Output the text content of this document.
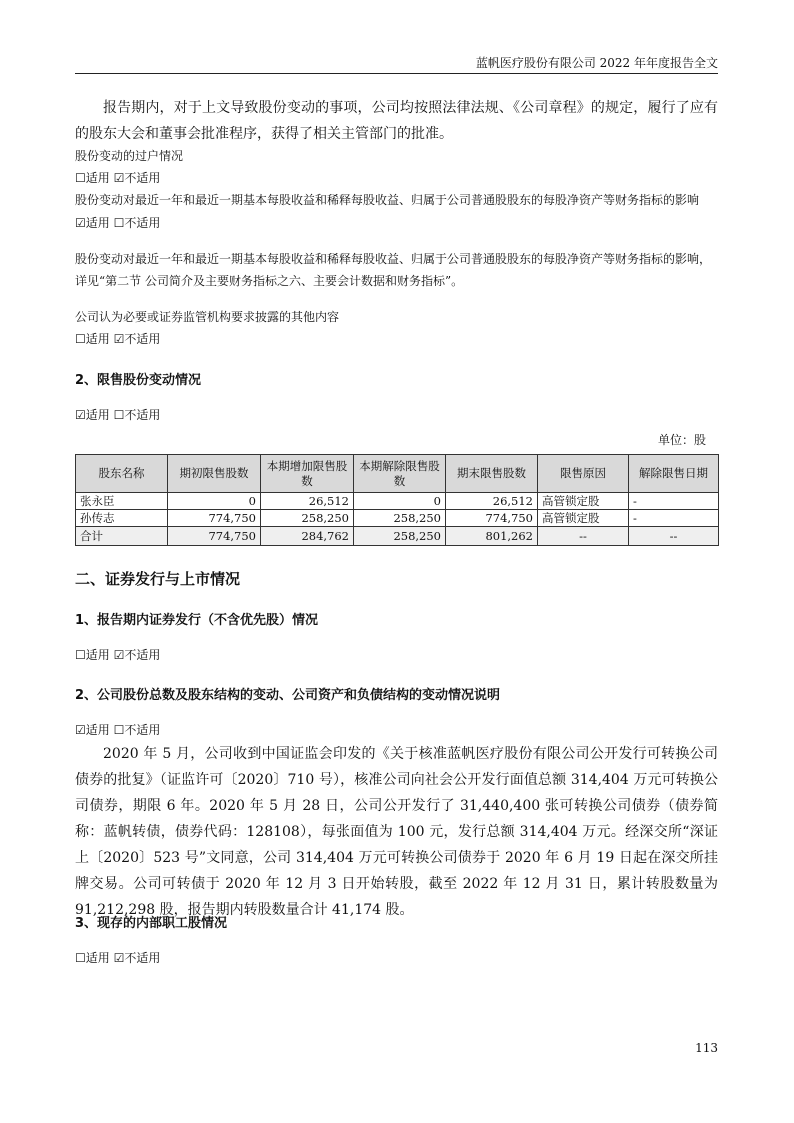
蓝帆医疗股份有限公司 2022 年年度报告全文
报告期内，对于上文导致股份变动的事项，公司均按照法律法规、《公司章程》的规定，履行了应有的股东大会和董事会批准程序，获得了相关主管部门的批准。
股份变动的过户情况
☐适用 ☑不适用
股份变动对最近一年和最近一期基本每股收益和稀释每股收益、归属于公司普通股股东的每股净资产等财务指标的影响
☑适用 ☐不适用
股份变动对最近一年和最近一期基本每股收益和稀释每股收益、归属于公司普通股股东的每股净资产等财务指标的影响，详见“第二节 公司简介及主要财务指标之六、主要会计数据和财务指标”。
公司认为必要或证券监管机构要求披露的其他内容
☐适用 ☑不适用
2、限售股份变动情况
☑适用 ☐不适用
单位：股
股东名称	期初限售股数	本期增加限售股数	本期解除限售股数	期末限售股数	限售原因	解除限售日期
张永臣	0	26,512	0	26,512	高管锁定股	-
孙传志	774,750	258,250	258,250	774,750	高管锁定股	-
合计	774,750	284,762	258,250	801,262	--	--
二、证券发行与上市情况
1、报告期内证券发行（不含优先股）情况
☐适用 ☑不适用
2、公司股份总数及股东结构的变动、公司资产和负债结构的变动情况说明
☑适用 ☐不适用
2020 年 5 月，公司收到中国证监会印发的《关于核准蓝帆医疗股份有限公司公开发行可转换公司债券的批复》（证监许可〔2020〕710 号），核准公司向社会公开发行面值总额 314,404 万元可转换公司债券，期限 6 年。2020 年 5 月 28 日，公司公开发行了 31,440,400 张可转换公司债券（债券简称：蓝帆转债，债券代码：128108），每张面值为 100 元，发行总额 314,404 万元。经深交所“深证上〔2020〕523 号”文同意，公司 314,404 万元可转换公司债券于 2020 年 6 月 19 日起在深交所挂牌交易。公司可转债于 2020 年 12 月 3 日开始转股，截至 2022 年 12 月 31 日，累计转股数量为 91,212,298 股，报告期内转股数量合计 41,174 股。
3、现存的内部职工股情况
☐适用 ☑不适用
113
